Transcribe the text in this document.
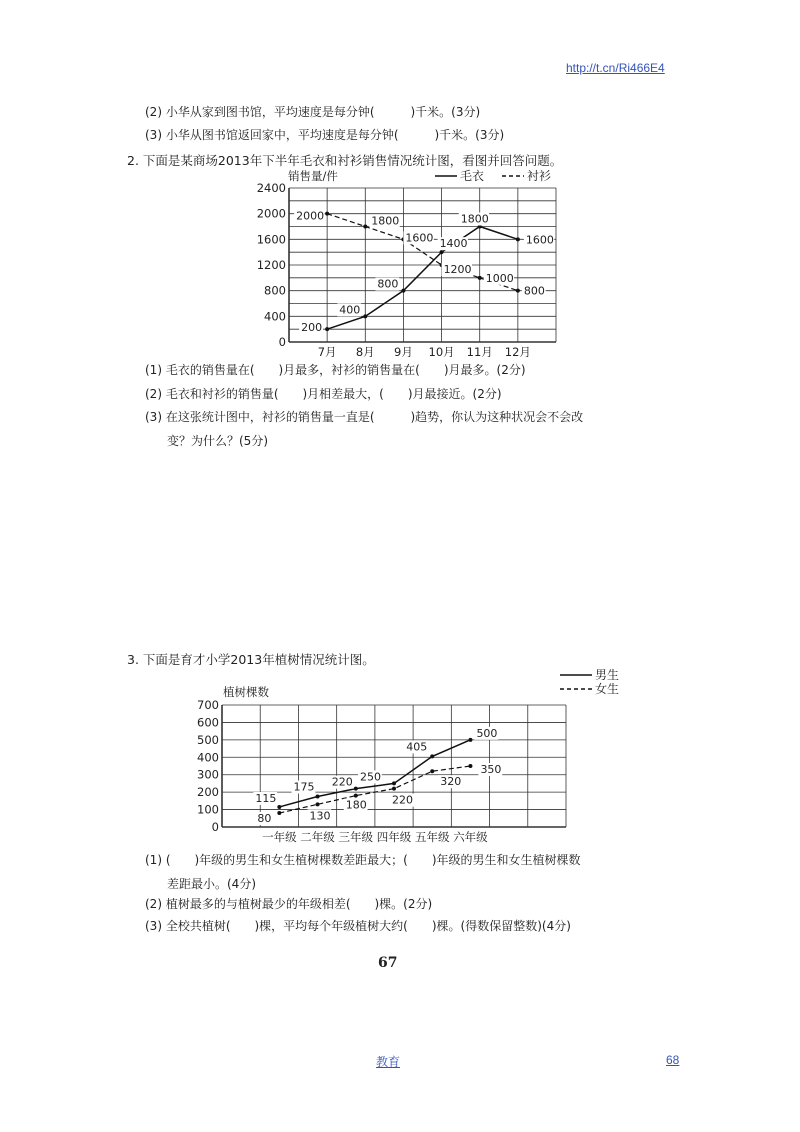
http://t.cn/Ri466E4
(2) 小华从家到图书馆，平均速度是每分钟(　　　)千米。(3分)
(3) 小华从图书馆返回家中，平均速度是每分钟(　　　)千米。(3分)
2. 下面是某商场2013年下半年毛衣和衬衫销售情况统计图，看图并回答问题。
0
400
800
1200
1600
2000
2400
7月 8月 9月 10月 11月 12月
销售量/件
200
400
800
1400
1800
1600
2000	1800
1600
1200
1000
800
毛衣	衬衫
(1) 毛衣的销售量在(　　)月最多，衬衫的销售量在(　　)月最多。(2分)
(2) 毛衣和衬衫的销售量(　　)月相差最大，(　　)月最接近。(2分)
(3) 在这张统计图中，衬衫的销售量一直是(　　　)趋势，你认为这种状况会不会改
变？为什么？(5分)
3. 下面是育才小学2013年植树情况统计图。
0
100
200
300
400
500
600
700
一年级 二年级 三年级 四年级 五年级 六年级
植树棵数
115
175 220 250
405
500
80	130
180 220
320
350
男生
女生
(1) (　　)年级的男生和女生植树棵数差距最大；(　　)年级的男生和女生植树棵数
差距最小。(4分)
(2) 植树最多的与植树最少的年级相差(　　)棵。(2分)
(3) 全校共植树(　　)棵，平均每个年级植树大约(　　)棵。(得数保留整数)(4分)
67
教育	68
